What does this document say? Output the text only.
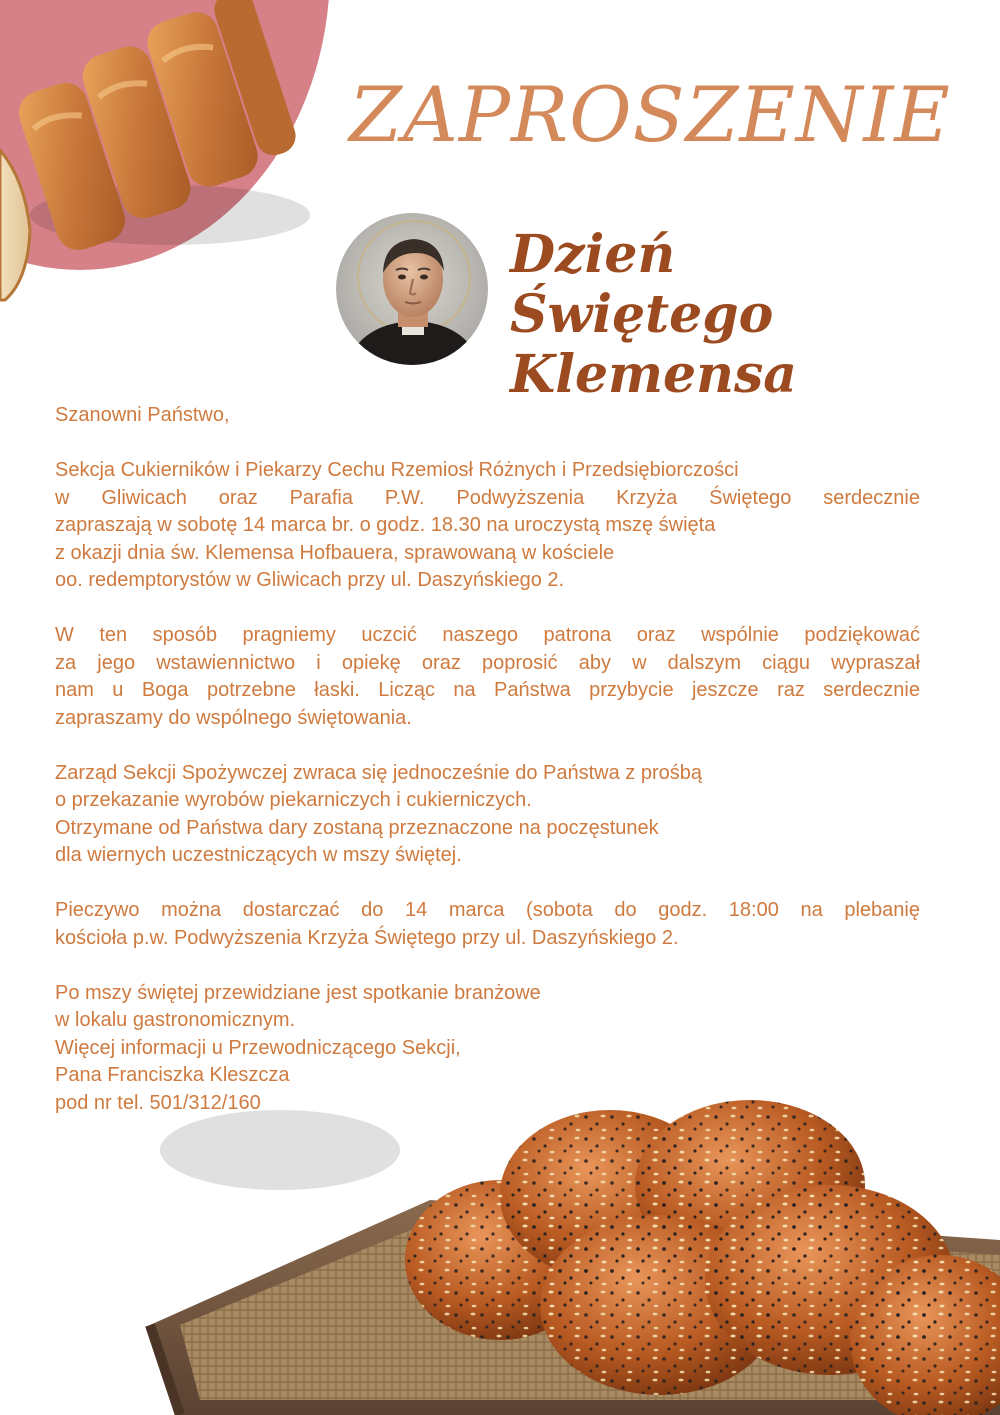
ZAPROSZENIE
Dzień Świętego
Klemensa

Szanowni Państwo,

Sekcja Cukierników i Piekarzy Cechu Rzemiosł Różnych i Przedsiębiorczości
w Gliwicach oraz Parafia P.W. Podwyższenia Krzyża Świętego serdecznie
zapraszają w sobotę 14 marca br. o godz. 18.30 na uroczystą mszę święta
z okazji dnia św. Klemensa Hofbauera, sprawowaną w kościele
oo. redemptorystów w Gliwicach przy ul. Daszyńskiego 2.

W ten sposób pragniemy uczcić naszego patrona oraz wspólnie podziękować
za jego wstawiennictwo i opiekę oraz poprosić aby w dalszym ciągu wypraszał
nam u Boga potrzebne łaski. Licząc na Państwa przybycie jeszcze raz serdecznie
zapraszamy do wspólnego świętowania.

Zarząd Sekcji Spożywczej zwraca się jednocześnie do Państwa z prośbą
o przekazanie wyrobów piekarniczych i cukierniczych.
Otrzymane od Państwa dary zostaną przeznaczone na poczęstunek
dla wiernych uczestniczących w mszy świętej.

Pieczywo można dostarczać do 14 marca (sobota do godz. 18:00 na plebanię
kościoła p.w. Podwyższenia Krzyża Świętego przy ul. Daszyńskiego 2.

Po mszy świętej przewidziane jest spotkanie branżowe
w lokalu gastronomicznym.
Więcej informacji u Przewodniczącego Sekcji,
Pana Franciszka Kleszcza
pod nr tel. 501/312/160
